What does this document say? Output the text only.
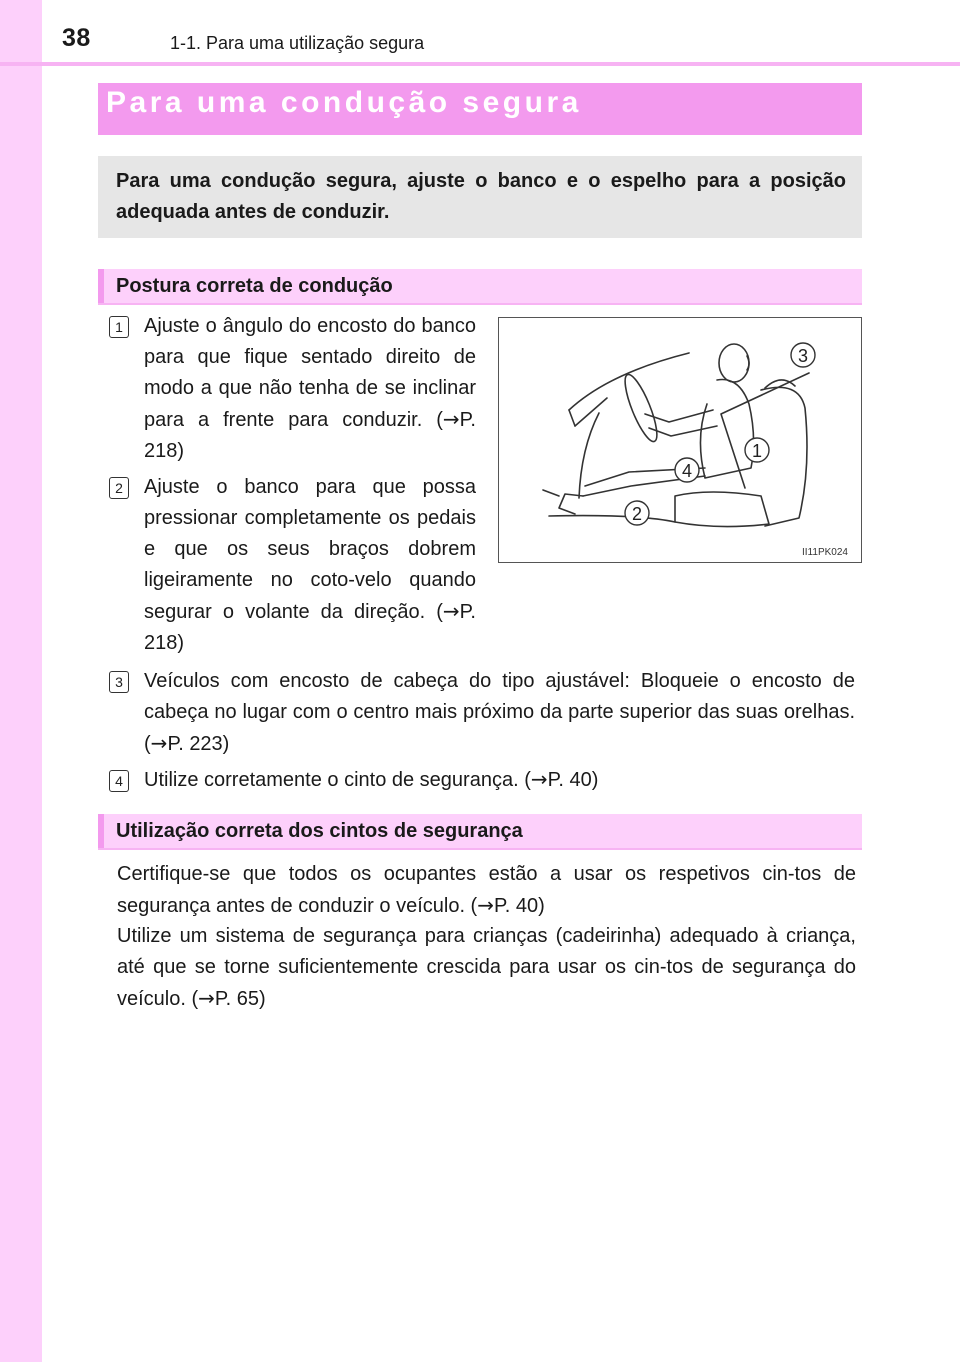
38	1-1. Para uma utilização segura
Para uma condução segura
Para uma condução segura, ajuste o banco e o espelho para a posição adequada antes de conduzir.
Postura correta de condução
1	Ajuste o ângulo do encosto do banco para que fique sentado direito de modo a que não tenha de se inclinar para a frente para conduzir. (→P. 218)
2	Ajuste o banco para que possa pressionar completamente os pedais e que os seus braços dobrem ligeiramente no coto-velo quando segurar o volante da direção. (→P. 218)
1
2
3
4
II11PK024
3	Veículos com encosto de cabeça do tipo ajustável: Bloqueie o encosto de cabeça no lugar com o centro mais próximo da parte superior das suas orelhas. (→P. 223)
4	Utilize corretamente o cinto de segurança. (→P. 40)
Utilização correta dos cintos de segurança
Certifique-se que todos os ocupantes estão a usar os respetivos cin-tos de segurança antes de conduzir o veículo. (→P. 40)
Utilize um sistema de segurança para crianças (cadeirinha) adequado à criança, até que se torne suficientemente crescida para usar os cin-tos de segurança do veículo. (→P. 65)
